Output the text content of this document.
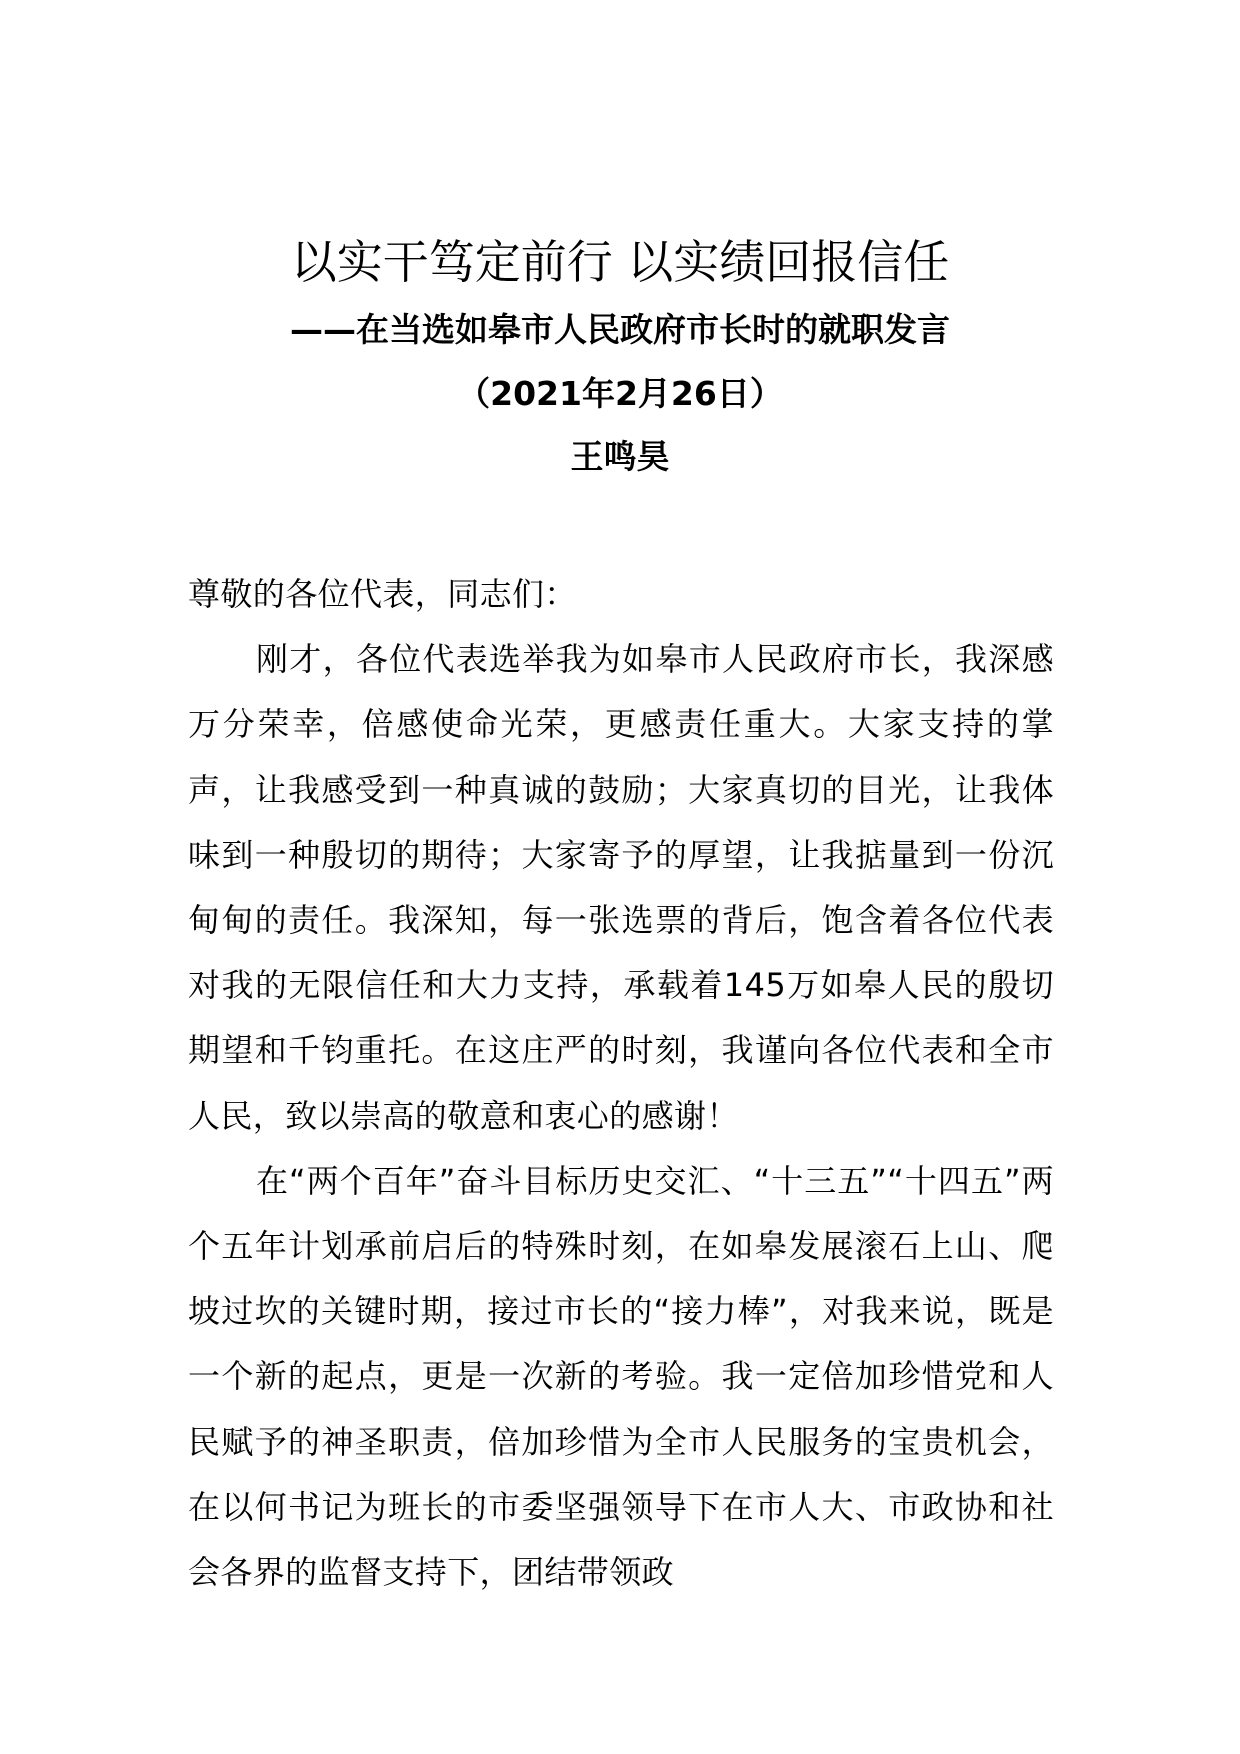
以实干笃定前行 以实绩回报信任
——在当选如皋市人民政府市长时的就职发言
（2021年2月26日）
王鸣昊

尊敬的各位代表，同志们：

刚才，各位代表选举我为如皋市人民政府市长，我深感万分荣幸，倍感使命光荣，更感责任重大。大家支持的掌声，让我感受到一种真诚的鼓励；大家真切的目光，让我体味到一种殷切的期待；大家寄予的厚望，让我掂量到一份沉甸甸的责任。我深知，每一张选票的背后，饱含着各位代表对我的无限信任和大力支持，承载着145万如皋人民的殷切期望和千钧重托。在这庄严的时刻，我谨向各位代表和全市人民，致以崇高的敬意和衷心的感谢！

在“两个百年”奋斗目标历史交汇、“十三五”“十四五”两个五年计划承前启后的特殊时刻，在如皋发展滚石上山、爬坡过坎的关键时期，接过市长的“接力棒”，对我来说，既是一个新的起点，更是一次新的考验。我一定倍加珍惜党和人民赋予的神圣职责，倍加珍惜为全市人民服务的宝贵机会，在以何书记为班长的市委坚强领导下在市人大、市政协和社会各界的监督支持下，团结带领政
